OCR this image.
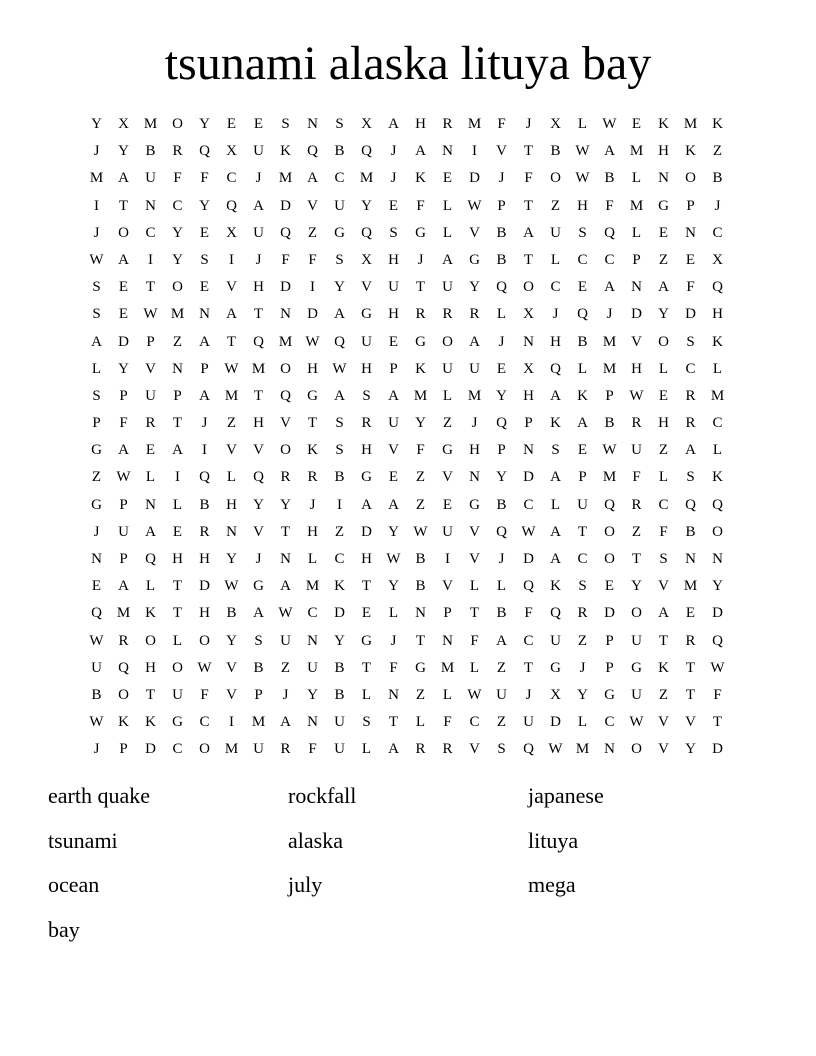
tsunami alaska lituya bay
Y	X M O	Y	E	E	S	N	S	X	A	H	R	M	F	J	X	L	W	E	K M K
J	Y	B	R	Q	X	U	K	Q	B	Q	J	A	N	I	V	T	B W A M H	K	Z
M A	U	F	F	C	J	M A	C	M	J	K	E	D	J	F	O W B	L	N	O	B
I	T	N	C	Y	Q	A	D	V	U	Y	E	F	L	W	P	T	Z	H	F	M G	P	J
J	O	C	Y	E	X	U	Q	Z	G	Q	S	G	L	V	B	A	U	S	Q	L	E	N	C
W A	I	Y	S	I	J	F	F	S	X	H	J	A	G	B	T	L	C	C	P	Z	E	X
S	E	T	O	E	V	H	D	I	Y	V	U	T	U	Y	Q	O	C	E	A	N	A	F	Q
S	E	W M N	A	T	N	D	A	G	H	R	R	R	L	X	J	Q	J	D	Y	D	H
A	D	P	Z	A	T	Q M W Q	U	E	G	O	A	J	N	H	B	M V	O	S	K
L	Y	V	N	P	W M O	H W H	P	K	U	U	E	X	Q	L	M H	L	C	L
S	P	U	P	A M	T	Q	G	A	S	A M	L	M Y	H	A	K	P	W	E	R	M
P	F	R	T	J	Z	H	V	T	S	R	U	Y	Z	J	Q	P	K	A	B	R	H	R	C
G	A	E	A	I	V	V	O	K	S	H	V	F	G	H	P	N	S	E	W U	Z	A	L
Z	W	L	I	Q	L	Q	R	R	B	G	E	Z	V	N	Y	D	A	P	M	F	L	S	K
G	P	N	L	B	H	Y	Y	J	I	A	A	Z	E	G	B	C	L	U	Q	R	C	Q	Q
J	U	A	E	R	N	V	T	H	Z	D	Y W U	V	Q W A	T	O	Z	F	B	O
N	P	Q	H	H	Y	J	N	L	C	H W B	I	V	J	D	A	C	O	T	S	N	N
E	A	L	T	D W G	A M K	T	Y	B	V	L	L	Q	K	S	E	Y	V M Y
Q M K	T	H	B	A W C	D	E	L	N	P	T	B	F	Q	R	D	O	A	E	D
W R	O	L	O	Y	S	U	N	Y	G	J	T	N	F	A	C	U	Z	P	U	T	R	Q
U	Q	H	O W V	B	Z	U	B	T	F	G M	L	Z	T	G	J	P	G	K	T	W
B	O	T	U	F	V	P	J	Y	B	L	N	Z	L	W U	J	X	Y	G	U	Z	T	F
W K	K	G	C	I	M A	N	U	S	T	L	F	C	Z	U	D	L	C W V	V	T
J	P	D	C	O M U	R	F	U	L	A	R	R	V	S	Q W M N	O	V	Y	D
earth quake	rockfall	japanese
tsunami	alaska	lituya
ocean	july	mega
bay
